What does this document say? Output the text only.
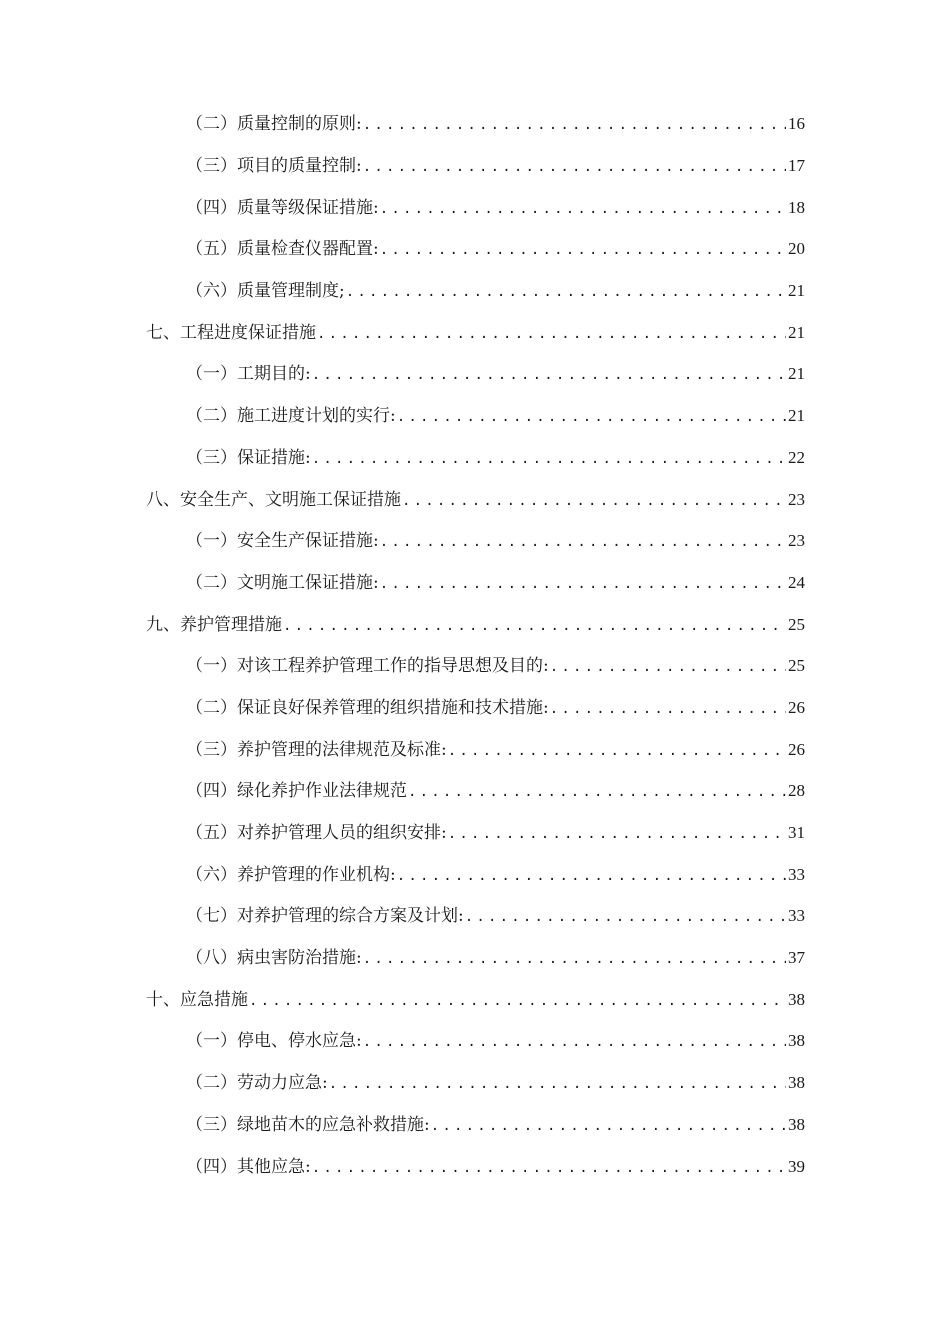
（二）质量控制的原则: .....	16
（三）项目的质量控制: .....	17
（四）质量等级保证措施: .....	18
（五）质量检查仪器配置: .....	20
（六）质量管理制度; .....	21
七、工程进度保证措施 .....	21
（一）工期目的: .....	21
（二）施工进度计划的实行: .....	21
（三）保证措施: .....	22
八、安全生产、文明施工保证措施 .....	23
（一）安全生产保证措施: .....	23
（二）文明施工保证措施: .....	24
九、养护管理措施 .....	25
（一）对该工程养护管理工作的指导思想及目的: .....	25
（二）保证良好保养管理的组织措施和技术措施: .....	26
（三）养护管理的法律规范及标准: .....	26
（四）绿化养护作业法律规范 .....	28
（五）对养护管理人员的组织安排: .....	31
（六）养护管理的作业机构: .....	33
（七）对养护管理的综合方案及计划: .....	33
（八）病虫害防治措施: .....	37
十、应急措施 .....	38
（一）停电、停水应急: .....	38
（二）劳动力应急: .....	38
（三）绿地苗木的应急补救措施: .....	38
（四）其他应急: .....	39
